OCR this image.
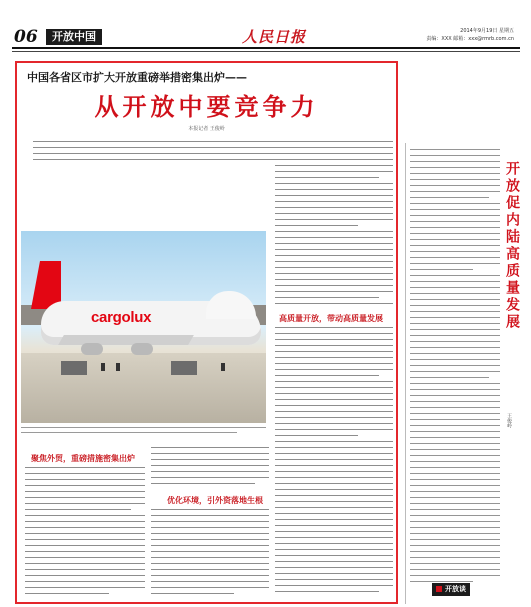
06	开放中国	人民日报	2014年9月19日 星期五
责编：XXX 邮箱：xxx@rmrb.com.cn
中国各省区市扩大开放重磅举措密集出炉——
从开放中要竞争力
本报记者 王俊岭
cargolux	高质量开放，带动高质量发展
聚焦外贸，重磅措施密集出炉
优化环境，引外资落地生根
开放促内陆高质量发展
王俊岭
开放谈
